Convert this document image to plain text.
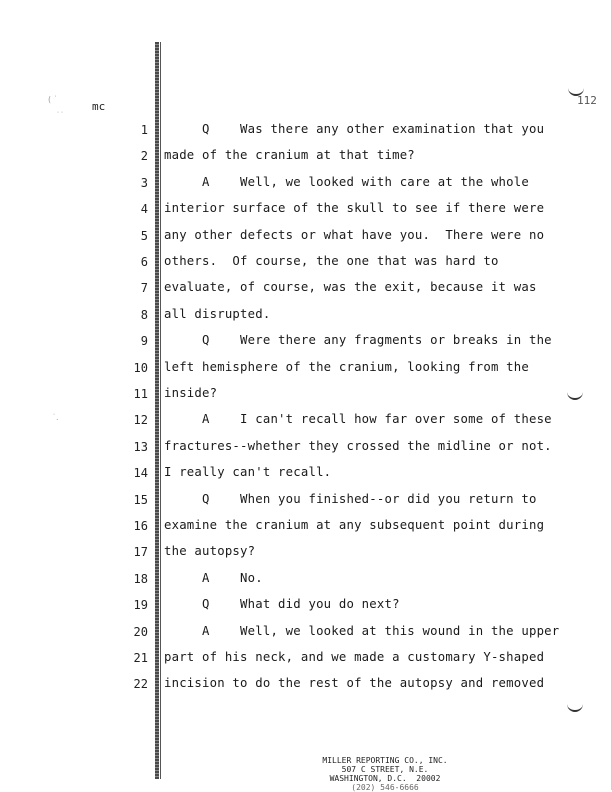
( ˙
˙˙
˙.
mc	112
1 Q    Was there any other examination that you
2 made of the cranium at that time?
3 A    Well, we looked with care at the whole
4 interior surface of the skull to see if there were
5 any other defects or what have you.  There were no
6 others.  Of course, the one that was hard to
7 evaluate, of course, was the exit, because it was
8 all disrupted.
9 Q    Were there any fragments or breaks in the
10 left hemisphere of the cranium, looking from the
11 inside?
12 A    I can't recall how far over some of these
13 fractures--whether they crossed the midline or not.
14 I really can't recall.
15 Q    When you finished--or did you return to
16 examine the cranium at any subsequent point during
17 the autopsy?
18 A    No.
19 Q    What did you do next?
20 A    Well, we looked at this wound in the upper
21 part of his neck, and we made a customary Y-shaped
22 incision to do the rest of the autopsy and removed
MILLER REPORTING CO., INC.
507 C STREET, N.E.
WASHINGTON, D.C.  20002
(202) 546-6666
